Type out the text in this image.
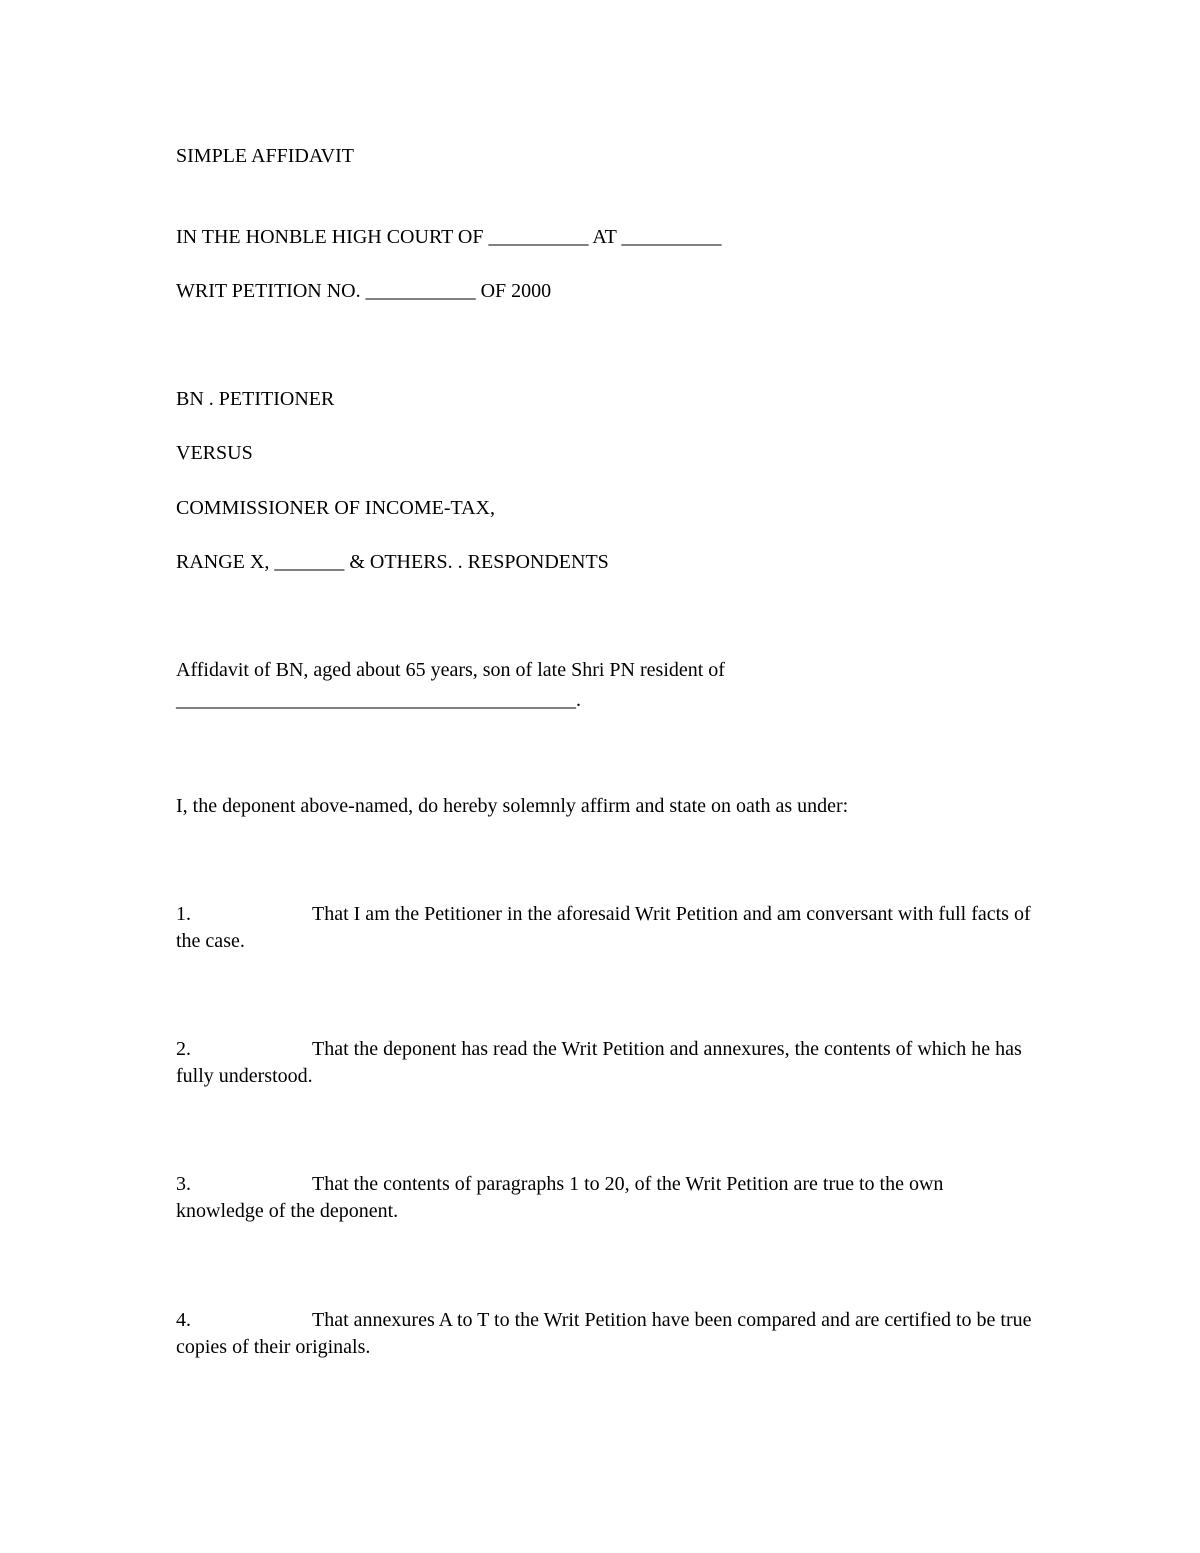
SIMPLE AFFIDAVIT
IN THE HONBLE HIGH COURT OF __________ AT __________
WRIT PETITION NO. ___________ OF 2000
BN . PETITIONER
VERSUS
COMMISSIONER OF INCOME-TAX,
RANGE X, _______ & OTHERS. . RESPONDENTS
Affidavit of BN, aged about 65 years, son of late Shri PN resident of
________________________________________.
I, the deponent above-named, do hereby solemnly affirm and state on oath as under:
1.	That I am the Petitioner in the aforesaid Writ Petition and am conversant with full facts of the case.
2.	That the deponent has read the Writ Petition and annexures, the contents of which he has fully understood.
3.	That the contents of paragraphs 1 to 20, of the Writ Petition are true to the own knowledge of the deponent.
4.	That annexures A to T to the Writ Petition have been compared and are certified to be true copies of their originals.
